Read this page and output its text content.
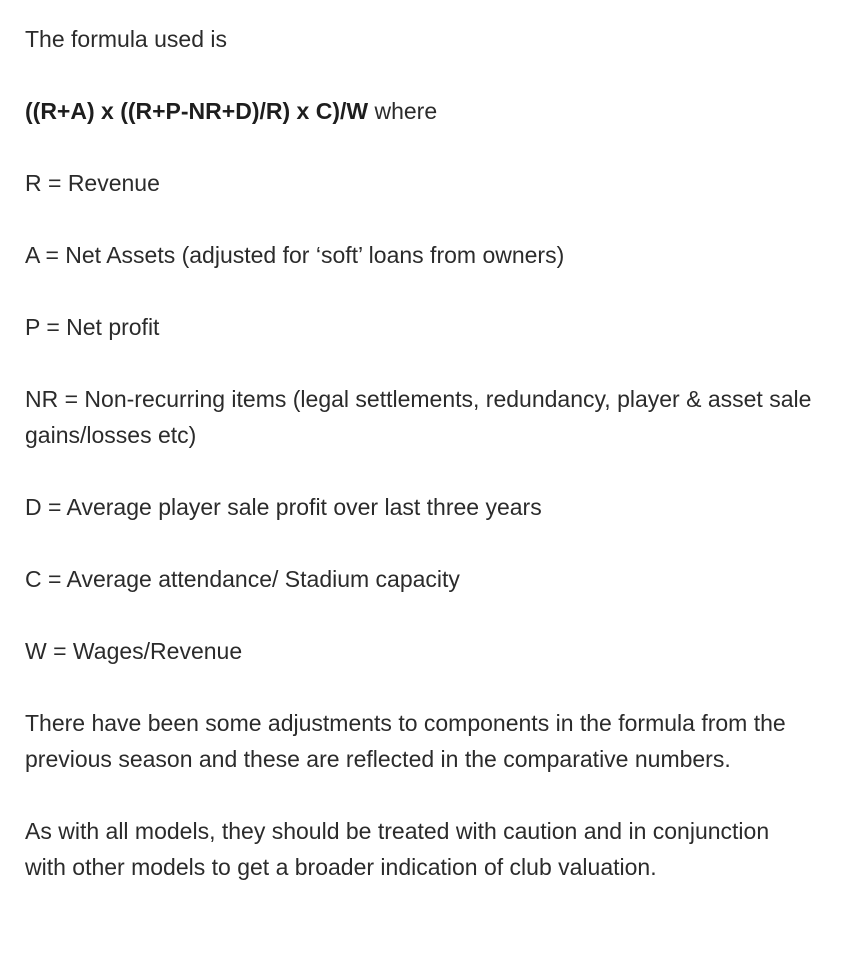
The formula used is

((R+A) x ((R+P-NR+D)/R) x C)/W where

R = Revenue

A = Net Assets (adjusted for ‘soft’ loans from owners)

P = Net profit

NR = Non-recurring items (legal settlements, redundancy, player & asset sale gains/losses etc)

D = Average player sale profit over last three years

C = Average attendance/ Stadium capacity

W = Wages/Revenue

There have been some adjustments to components in the formula from the previous season and these are reflected in the comparative numbers.

As with all models, they should be treated with caution and in conjunction with other models to get a broader indication of club valuation.
